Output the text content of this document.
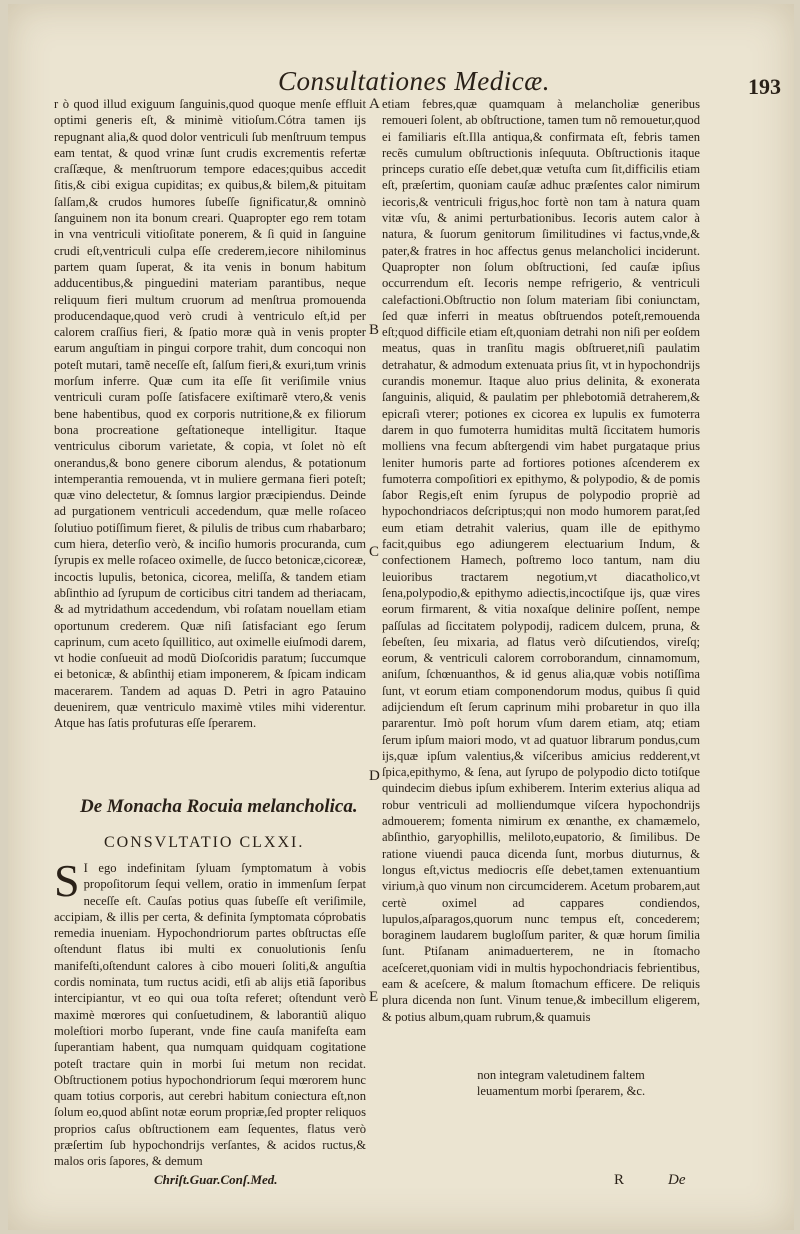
Consultationes Medicæ.	193

r ò quod illud exiguum ſanguinis,quod quoque menſe effluit optimi generis eſt, & minimè vitioſum.Cótra tamen ijs repugnant alia,& quod dolor ventriculi ſub menſtruum tempus eam tentat, & quod vrinæ ſunt crudis excrementis refertæ craſſæque, & menſtruorum tempore edaces;quibus accedit ſitis,& cibi exigua cupiditas; ex quibus,& bilem,& pituitam ſalſam,& crudos humores ſubeſſe ſignificatur,& omninò ſanguinem non ita bonum creari. Quapropter ego rem totam in vna ventriculi vitioſitate ponerem, & ſi quid in ſanguine crudi eſt,ventriculi culpa eſſe crederem,iecore nihilominus partem quam ſuperat, & ita venis in bonum habitum adducentibus,& pinguedini materiam parantibus, neque reliquum fieri multum cruorum ad menſtrua promouenda producendaque,quod verò crudi à ventriculo eſt,id per calorem craſſius fieri, & ſpatio moræ quà in venis propter earum anguſtiam in pingui corpore trahit, dum concoqui non poteſt mutari, tamẽ neceſſe eſt, ſalſum fieri,& exuri,tum vrinis morſum inferre. Quæ cum ita eſſe ſit veriſimile vnius ventriculi curam poſſe ſatisfacere exiſtimarẽ vtero,& venis bene habentibus, quod ex corporis nutritione,& ex filiorum bona procreatione geſtationeque intelligitur. Itaque ventriculus ciborum varietate, & copia, vt ſolet nò eſt onerandus,& bono genere ciborum alendus, & potationum intemperantia remouenda, vt in muliere germana fieri poteſt; quæ vino delectetur, & ſomnus largior præcipiendus. Deinde ad purgationem ventriculi accedendum, quæ melle roſaceo ſolutiuo potiſſimum fieret, & pilulis de tribus cum rhabarbaro; cum hiera, deterſio verò, & inciſio humoris procuranda, cum ſyrupis ex melle roſaceo oximelle, de ſucco betonicæ,cicoreæ, incoctis lupulis, betonica, cicorea, meliſſa, & tandem etiam abſinthio ad ſyrupum de corticibus citri tandem ad theriacam, & ad mytridathum accedendum, vbi roſatam nouellam etiam oportunum crederem. Quæ niſi ſatisfaciant ego ſerum caprinum, cum aceto ſquillitico, aut oximelle eiuſmodi darem, vt hodie conſueuit ad modũ Dioſcoridis paratum; ſuccumque ei betonicæ, & abſinthij etiam imponerem, & ſpicam indicam macerarem. Tandem ad aquas D. Petri in agro Patauino deuenirem, quæ ventriculo maximè vtiles mihi viderentur. Atque has ſatis profuturas eſſe ſperarem.

De Monacha Rocuia melancholica.
CONSVLTATIO CLXXI.
S I ego indefinitam ſyluam ſymptomatum à vobis propoſitorum ſequi vellem, oratio in immenſum ſerpat neceſſe eſt. Cauſas potius quas ſubeſſe eſt veriſimile, accipiam, & illis per certa, & definita ſymptomata cóprobatis remedia inueniam. Hypochondriorum partes obſtructas eſſe oſtendunt flatus ibi multi ex conuolutionis ſenſu manifeſti,oſtendunt calores à cibo moueri ſoliti,& anguſtia cordis nominata, tum ructus acidi, etſi ab alijs etiã ſaporibus intercipiantur, vt eo qui oua toſta referet; oſtendunt verò maximè mœrores qui conſuetudinem, & laborantiũ aliquo moleſtiori morbo ſuperant, vnde fine cauſa manifeſta eam ſuperantiam habent, qua numquam quidquam cogitatione poteſt tractare quin in morbi ſui metum non recidat. Obſtructionem potius hypochondriorum ſequi mœrorem hunc quam totius corporis, aut cerebri habitum coniectura eſt,non ſolum eo,quod abſint notæ eorum propriæ,ſed propter reliquos proprios caſus obſtructionem eam ſequentes, flatus verò præſertim ſub hypochondrijs verſantes, & acidos ructus,& malos oris ſapores, & demum

etiam febres,quæ quamquam à melancholiæ generibus remoueri ſolent, ab obſtructione, tamen tum nõ remouetur,quod ei familiaris eſt.Illa antiqua,& confirmata eſt, febris tamen recẽs cumulum obſtructionis inſequuta. Obſtructionis itaque princeps curatio eſſe debet,quæ vetuſta cum ſit,difficilis etiam eſt, præſertim, quoniam cauſæ adhuc præſentes calor nimirum iecoris,& ventriculi frigus,hoc fortè non tam à natura quam vitæ vſu, & animi perturbationibus. Iecoris autem calor à natura, & ſuorum genitorum ſimilitudines vi factus,vnde,& pater,& fratres in hoc affectus genus melancholici inciderunt. Quapropter non ſolum obſtructioni, ſed cauſæ ipſius occurrendum eſt. Iecoris nempe refrigerio, & ventriculi calefactioni.Obſtructio non ſolum materiam ſibi coniunctam, ſed quæ inferri in meatus obſtruendos poteſt,remouenda eſt;quod difficile etiam eſt,quoniam detrahi non niſi per eoſdem meatus, quas in tranſitu magis obſtrueret,niſi paulatim detrahatur, & admodum extenuata prius ſit, vt in hypochondrijs curandis monemur. Itaque aluo prius delinita, & exonerata ſanguinis, aliquid, & paulatim per phlebotomiã detraherem,& epicraſi vterer; potiones ex cicorea ex lupulis ex fumoterra darem in quo fumoterra humiditas multã ſiccitatem humoris molliens vna fecum abſtergendi vim habet purgataque prius leniter humoris parte ad fortiores potiones aſcenderem ex fumoterra compoſitiori ex epithymo, & polypodio, & de pomis ſabor Regis,eſt enim ſyrupus de polypodio propriè ad hypochondriacos deſcriptus;qui non modo humorem parat,ſed eum etiam detrahit valerius, quam ille de epithymo facit,quibus ego adiungerem electuarium Indum, & confectionem Hamech, poſtremo loco tantum, nam diu leuioribus tractarem negotium,vt diacatholico,vt ſena,polypodio,& epithymo adiectis,incoctiſque ijs, quæ vires eorum firmarent, & vitia noxaſque delinire poſſent, nempe paſſulas ad ſiccitatem polypodij, radicem dulcem, pruna, & ſebeſten, ſeu mixaria, ad flatus verò diſcutiendos, vireſq; eorum, & ventriculi calorem corroborandum, cinnamomum, aniſum, ſchœnuanthos, & id genus alia,quæ vobis notiſſima ſunt, vt eorum etiam componendorum modus, quibus ſi quid adijciendum eſt ſerum caprinum mihi probaretur in quo illa pararentur. Imò poſt horum vſum darem etiam, atq; etiam ſerum ipſum maiori modo, vt ad quatuor librarum pondus,cum ijs,quæ ipſum valentius,& viſceribus amicius redderent,vt ſpica,epithymo, & ſena, aut ſyrupo de polypodio dicto totiſque quindecim diebus ipſum exhiberem. Interim exterius aliqua ad robur ventriculi ad molliendumque viſcera hypochondrijs admouerem; fomenta nimirum ex œnanthe, ex chamæmelo, abſinthio, garyophillis, meliloto,eupatorio, & ſimilibus. De ratione viuendi pauca dicenda ſunt, morbus diuturnus, & longus eſt,victus mediocris eſſe debet,tamen extenuantium virium,à quo vinum non circumciderem. Acetum probarem,aut certè oximel ad cappares condiendos, lupulos,aſparagos,quorum nunc tempus eſt, concederem; boraginem laudarem bugloſſum pariter, & quæ horum ſimilia ſunt. Ptiſanam animaduerterem, ne in ſtomacho aceſceret,quoniam vidi in multis hypochondriacis febrientibus, eam & aceſcere, & malum ſtomachum efficere. De reliquis plura dicenda non ſunt. Vinum tenue,& imbecillum eligerem, & potius album,quam rubrum,& quamuis

non integram valetudinem faltem leuamentum morbi ſperarem, &c.
A
B
C
D
E
Chriſt.Guar.Conſ.Med.	R	De
